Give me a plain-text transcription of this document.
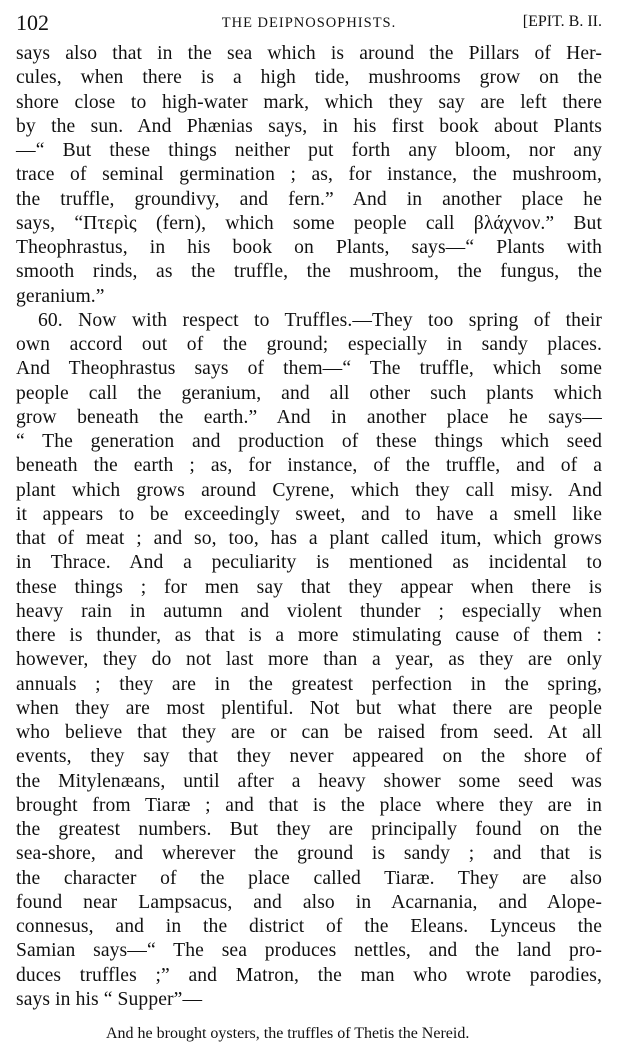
102	THE DEIPNOSOPHISTS.	[EPIT. B. II.
says also that in the sea which is around the Pillars of Her-
cules, when there is a high tide, mushrooms grow on the
shore close to high-water mark, which they say are left there
by the sun. And Phænias says, in his first book about Plants
—“ But these things neither put forth any bloom, nor any
trace of seminal germination ; as, for instance, the mushroom,
the truffle, groundivy, and fern.” And in another place he
says, “Πτερὶς (fern), which some people call βλάχνον.” But
Theophrastus, in his book on Plants, says—“ Plants with
smooth rinds, as the truffle, the mushroom, the fungus, the
geranium.”
60. Now with respect to Truffles.—They too spring of their
own accord out of the ground; especially in sandy places.
And Theophrastus says of them—“ The truffle, which some
people call the geranium, and all other such plants which
grow beneath the earth.” And in another place he says—
“ The generation and production of these things which seed
beneath the earth ; as, for instance, of the truffle, and of a
plant which grows around Cyrene, which they call misy. And
it appears to be exceedingly sweet, and to have a smell like
that of meat ; and so, too, has a plant called itum, which grows
in Thrace. And a peculiarity is mentioned as incidental to
these things ; for men say that they appear when there is
heavy rain in autumn and violent thunder ; especially when
there is thunder, as that is a more stimulating cause of them :
however, they do not last more than a year, as they are only
annuals ; they are in the greatest perfection in the spring,
when they are most plentiful. Not but what there are people
who believe that they are or can be raised from seed. At all
events, they say that they never appeared on the shore of
the Mitylenæans, until after a heavy shower some seed was
brought from Tiaræ ; and that is the place where they are in
the greatest numbers. But they are principally found on the
sea-shore, and wherever the ground is sandy ; and that is
the character of the place called Tiaræ. They are also
found near Lampsacus, and also in Acarnania, and Alope-
connesus, and in the district of the Eleans. Lynceus the
Samian says—“ The sea produces nettles, and the land pro-
duces truffles ;” and Matron, the man who wrote parodies,
says in his “ Supper”—
And he brought oysters, the truffles of Thetis the Nereid.
